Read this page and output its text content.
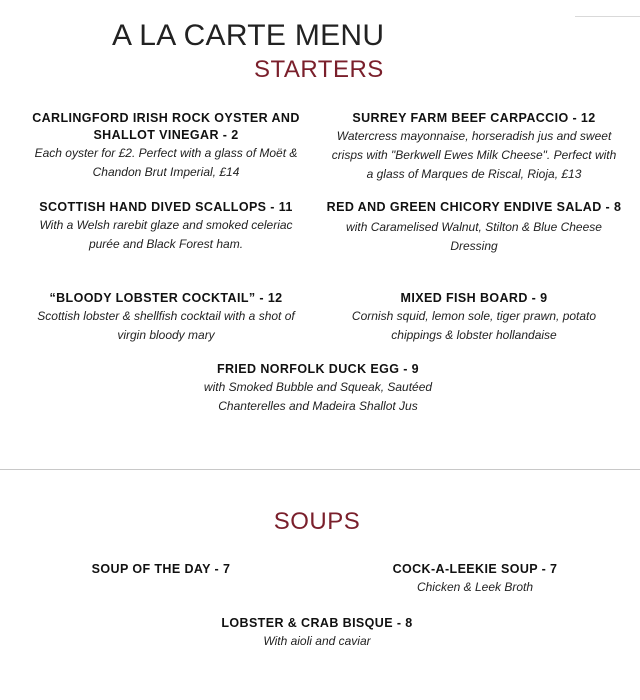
A LA CARTE MENU
STARTERS
CARLINGFORD IRISH ROCK OYSTER AND SHALLOT VINEGAR - 2
Each oyster for £2. Perfect with a glass of Moët & Chandon Brut Imperial, £14
SURREY FARM BEEF CARPACCIO - 12
Watercress mayonnaise, horseradish jus and sweet crisps with "Berkwell Ewes Milk Cheese". Perfect with a glass of Marques de Riscal, Rioja, £13
SCOTTISH HAND DIVED SCALLOPS - 11
With a Welsh rarebit glaze and smoked celeriac purée and Black Forest ham.
RED AND GREEN CHICORY ENDIVE SALAD - 8
with Caramelised Walnut, Stilton & Blue Cheese Dressing
“BLOODY LOBSTER COCKTAIL” - 12
Scottish lobster & shellfish cocktail with a shot of virgin bloody mary
MIXED FISH BOARD - 9
Cornish squid, lemon sole, tiger prawn, potato chippings & lobster hollandaise
FRIED NORFOLK DUCK EGG - 9
with Smoked Bubble and Squeak, Sautéed Chanterelles and Madeira Shallot Jus
SOUPS
SOUP OF THE DAY - 7	COCK-A-LEEKIE SOUP - 7
Chicken & Leek Broth
LOBSTER & CRAB BISQUE - 8
With aioli and caviar
